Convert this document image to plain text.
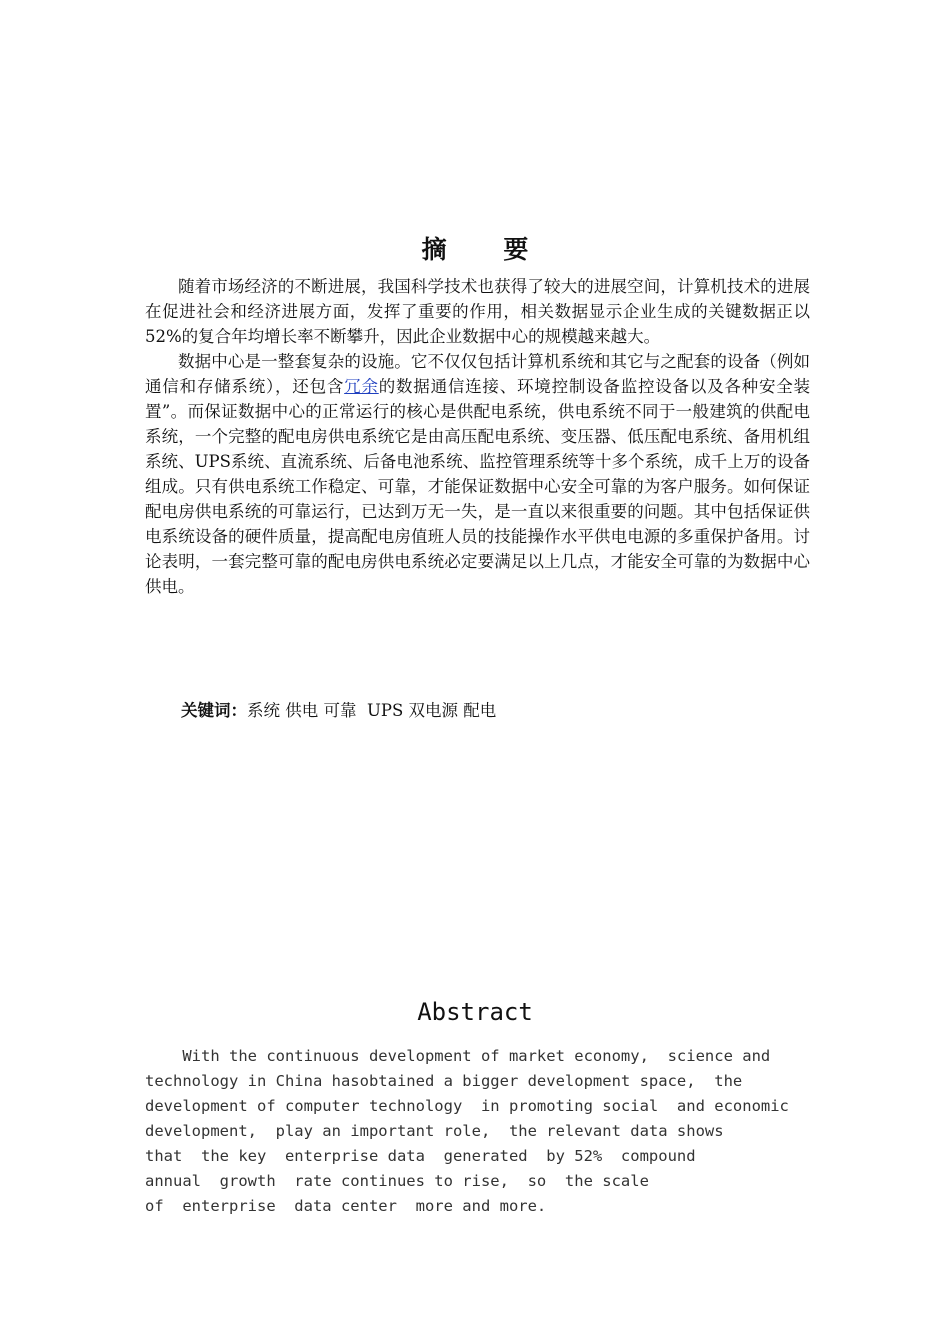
摘 要

随着市场经济的不断进展，我国科学技术也获得了较大的进展空间，计算机技术的进展在促进社会和经济进展方面，发挥了重要的作用，相关数据显示企业生成的关键数据正以52%的复合年均增长率不断攀升，因此企业数据中心的规模越来越大。

数据中心是一整套复杂的设施。它不仅仅包括计算机系统和其它与之配套的设备（例如通信和存储系统），还包含冗余的数据通信连接、环境控制设备监控设备以及各种安全装置”。而保证数据中心的正常运行的核心是供配电系统，供电系统不同于一般建筑的供配电系统，一个完整的配电房供电系统它是由高压配电系统、变压器、低压配电系统、备用机组系统、UPS系统、直流系统、后备电池系统、监控管理系统等十多个系统，成千上万的设备组成。只有供电系统工作稳定、可靠，才能保证数据中心安全可靠的为客户服务。如何保证配电房供电系统的可靠运行，已达到万无一失，是一直以来很重要的问题。其中包括保证供电系统设备的硬件质量，提高配电房值班人员的技能操作水平供电电源的多重保护备用。讨论表明，一套完整可靠的配电房供电系统必定要满足以上几点，才能安全可靠的为数据中心供电。

关键词：系统 供电 可靠  UPS 双电源 配电
Abstract
With the continuous development of market economy,  science and
technology in China hasobtained a bigger development space,  the
development of computer technology  in promoting social  and economic
development,  play an important role,  the relevant data shows
that  the key  enterprise data  generated  by 52%  compound
annual  growth  rate continues to rise,  so  the scale
of  enterprise  data center  more and more.
